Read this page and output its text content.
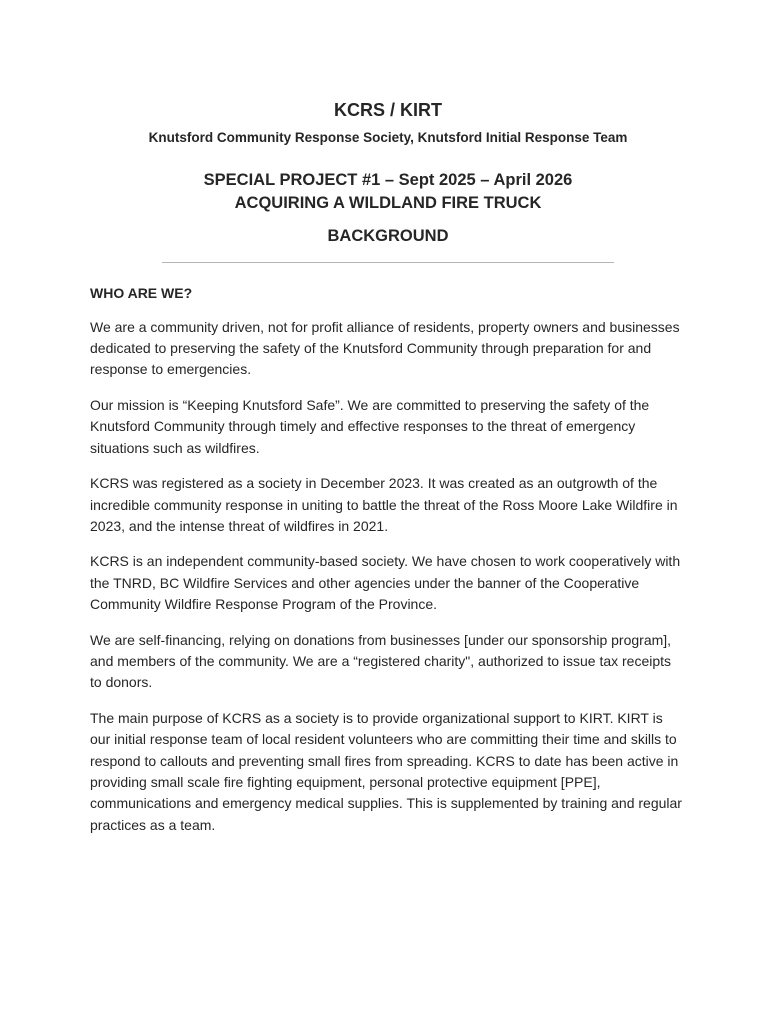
KCRS / KIRT
Knutsford Community Response Society, Knutsford Initial Response Team
SPECIAL PROJECT #1 – Sept 2025 – April 2026
ACQUIRING A WILDLAND FIRE TRUCK
BACKGROUND
WHO ARE WE?

We are a community driven, not for profit alliance of residents, property owners and businesses dedicated to preserving the safety of the Knutsford Community through preparation for and response to emergencies.

Our mission is “Keeping Knutsford Safe”. We are committed to preserving the safety of the Knutsford Community through timely and effective responses to the threat of emergency situations such as wildfires.

KCRS was registered as a society in December 2023. It was created as an outgrowth of the incredible community response in uniting to battle the threat of the Ross Moore Lake Wildfire in 2023, and the intense threat of wildfires in 2021.

KCRS is an independent community-based society. We have chosen to work cooperatively with the TNRD, BC Wildfire Services and other agencies under the banner of the Cooperative Community Wildfire Response Program of the Province.

We are self-financing, relying on donations from businesses [under our sponsorship program], and members of the community. We are a “registered charity", authorized to issue tax receipts to donors.

The main purpose of KCRS as a society is to provide organizational support to KIRT. KIRT is our initial response team of local resident volunteers who are committing their time and skills to respond to callouts and preventing small fires from spreading. KCRS to date has been active in providing small scale fire fighting equipment, personal protective equipment [PPE], communications and emergency medical supplies. This is supplemented by training and regular practices as a team.
